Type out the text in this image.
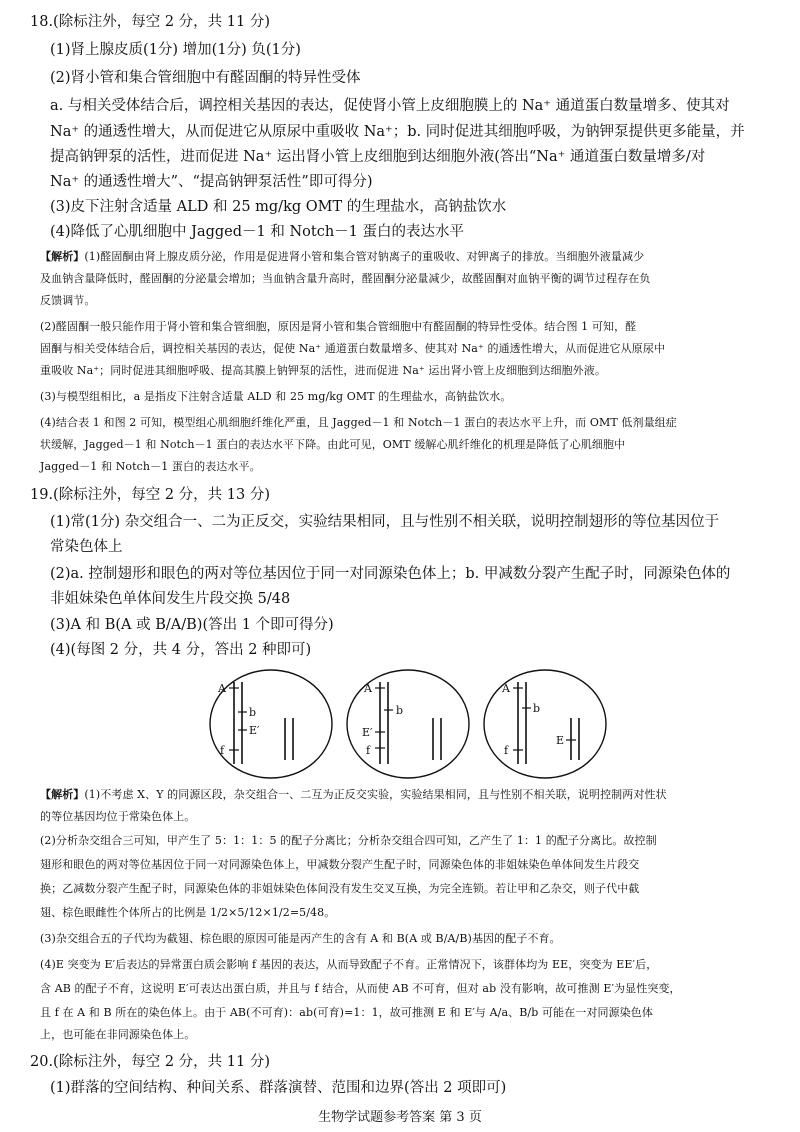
18.(除标注外，每空 2 分，共 11 分)
(1)肾上腺皮质(1分) 增加(1分) 负(1分)
(2)肾小管和集合管细胞中有醛固酮的特异性受体
a. 与相关受体结合后，调控相关基因的表达，促使肾小管上皮细胞膜上的 Na⁺ 通道蛋白数量增多、使其对
Na⁺ 的通透性增大，从而促进它从原尿中重吸收 Na⁺；b. 同时促进其细胞呼吸，为钠钾泵提供更多能量，并
提高钠钾泵的活性，进而促进 Na⁺ 运出肾小管上皮细胞到达细胞外液(答出“Na⁺ 通道蛋白数量增多/对
Na⁺ 的通透性增大”、“提高钠钾泵活性”即可得分)
(3)皮下注射含适量 ALD 和 25 mg/kg OMT 的生理盐水，高钠盐饮水
(4)降低了心肌细胞中 Jagged－1 和 Notch－1 蛋白的表达水平
【解析】(1)醛固酮由肾上腺皮质分泌，作用是促进肾小管和集合管对钠离子的重吸收、对钾离子的排放。当细胞外液量减少
及血钠含量降低时，醛固酮的分泌量会增加；当血钠含量升高时，醛固酮分泌量减少，故醛固酮对血钠平衡的调节过程存在负
反馈调节。
(2)醛固酮一般只能作用于肾小管和集合管细胞，原因是肾小管和集合管细胞中有醛固酮的特异性受体。结合图 1 可知，醛
固酮与相关受体结合后，调控相关基因的表达，促使 Na⁺ 通道蛋白数量增多、使其对 Na⁺ 的通透性增大，从而促进它从原尿中
重吸收 Na⁺；同时促进其细胞呼吸、提高其膜上钠钾泵的活性，进而促进 Na⁺ 运出肾小管上皮细胞到达细胞外液。
(3)与模型组相比，a 是指皮下注射含适量 ALD 和 25 mg/kg OMT 的生理盐水，高钠盐饮水。
(4)结合表 1 和图 2 可知，模型组心肌细胞纤维化严重，且 Jagged－1 和 Notch－1 蛋白的表达水平上升，而 OMT 低剂量组症
状缓解，Jagged－1 和 Notch－1 蛋白的表达水平下降。由此可见，OMT 缓解心肌纤维化的机理是降低了心肌细胞中
Jagged－1 和 Notch－1 蛋白的表达水平。
19.(除标注外，每空 2 分，共 13 分)
(1)常(1分) 杂交组合一、二为正反交，实验结果相同，且与性别不相关联，说明控制翅形的等位基因位于
常染色体上
(2)a. 控制翅形和眼色的两对等位基因位于同一对同源染色体上；b. 甲减数分裂产生配子时，同源染色体的
非姐妹染色单体间发生片段交换 5/48
(3)A 和 B(A 或 B/A/B)(答出 1 个即可得分)
(4)(每图 2 分，共 4 分，答出 2 种即可)
A
b
E′
f
A
b
E′
f
A
b
f
E
【解析】(1)不考虑 X、Y 的同源区段，杂交组合一、二互为正反交实验，实验结果相同，且与性别不相关联，说明控制两对性状
的等位基因均位于常染色体上。
(2)分析杂交组合三可知，甲产生了 5：1：1：5 的配子分离比；分析杂交组合四可知，乙产生了 1：1 的配子分离比。故控制
翅形和眼色的两对等位基因位于同一对同源染色体上，甲减数分裂产生配子时，同源染色体的非姐妹染色单体间发生片段交
换；乙减数分裂产生配子时，同源染色体的非姐妹染色体间没有发生交叉互换，为完全连锁。若让甲和乙杂交，则子代中截
翅、棕色眼雌性个体所占的比例是 1/2×5/12×1/2=5/48。
(3)杂交组合五的子代均为截翅、棕色眼的原因可能是丙产生的含有 A 和 B(A 或 B/A/B)基因的配子不育。
(4)E 突变为 E′后表达的异常蛋白质会影响 f 基因的表达，从而导致配子不育。正常情况下，该群体均为 EE，突变为 EE′后，
含 AB 的配子不育，这说明 E′可表达出蛋白质，并且与 f 结合，从而使 AB 不可育，但对 ab 没有影响，故可推测 E′为显性突变，
且 f 在 A 和 B 所在的染色体上。由于 AB(不可育)：ab(可育)=1：1，故可推测 E 和 E′与 A/a、B/b 可能在一对同源染色体
上，也可能在非同源染色体上。
20.(除标注外，每空 2 分，共 11 分)
(1)群落的空间结构、种间关系、群落演替、范围和边界(答出 2 项即可)
生物学试题参考答案 第 3 页
